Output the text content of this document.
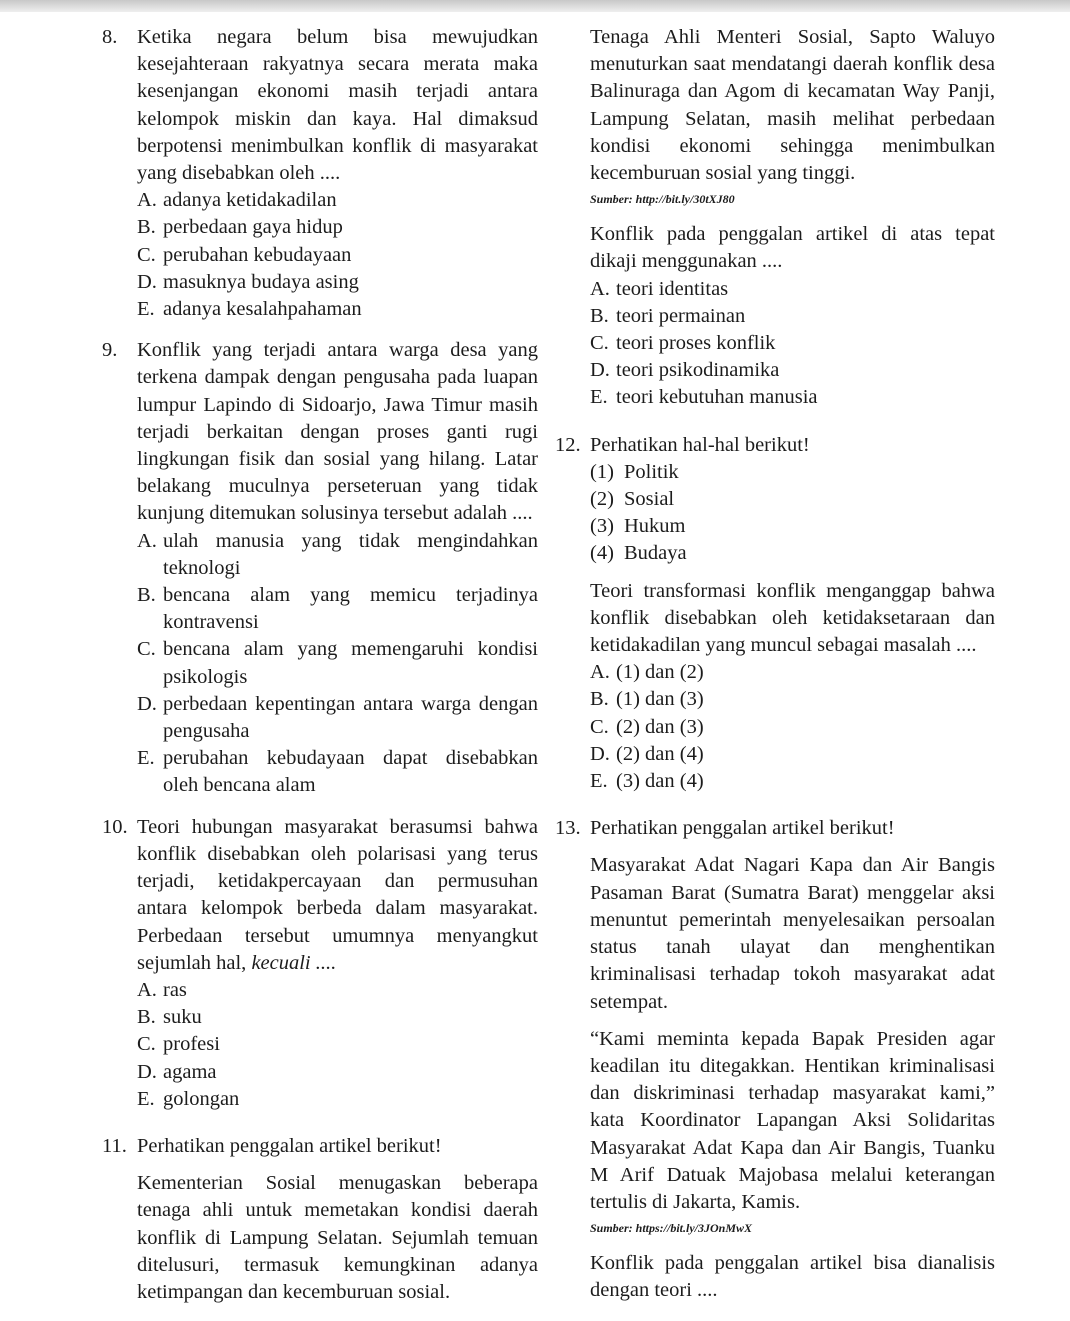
8. Ketika negara belum bisa mewujudkan kesejahteraan rakyatnya secara merata maka kesenjangan ekonomi masih terjadi antara kelompok miskin dan kaya. Hal dimaksud berpotensi menimbulkan konflik di masyarakat yang disebabkan oleh ....
A. adanya ketidakadilan
B. perbedaan gaya hidup
C. perubahan kebudayaan
D. masuknya budaya asing
E. adanya kesalahpahaman
9. Konflik yang terjadi antara warga desa yang terkena dampak dengan pengusaha pada luapan lumpur Lapindo di Sidoarjo, Jawa Timur masih terjadi berkaitan dengan proses ganti rugi lingkungan fisik dan sosial yang hilang. Latar belakang muculnya perseteruan yang tidak kunjung ditemukan solusinya tersebut adalah ....
A. ulah manusia yang tidak mengindahkan teknologi
B. bencana alam yang memicu terjadinya kontravensi
C. bencana alam yang memengaruhi kondisi psikologis
D. perbedaan kepentingan antara warga dengan pengusaha
E. perubahan kebudayaan dapat disebabkan oleh bencana alam
10. Teori hubungan masyarakat berasumsi bahwa konflik disebabkan oleh polarisasi yang terus terjadi, ketidakpercayaan dan permusuhan antara kelompok berbeda dalam masyarakat. Perbedaan tersebut umumnya menyangkut sejumlah hal, kecuali ....
A. ras
B. suku
C. profesi
D. agama
E. golongan
11. Perhatikan penggalan artikel berikut!
Kementerian Sosial menugaskan beberapa tenaga ahli untuk memetakan kondisi daerah konflik di Lampung Selatan. Sejumlah temuan ditelusuri, termasuk kemungkinan adanya ketimpangan dan kecemburuan sosial.
Tenaga Ahli Menteri Sosial, Sapto Waluyo menuturkan saat mendatangi daerah konflik desa Balinuraga dan Agom di kecamatan Way Panji, Lampung Selatan, masih melihat perbedaan kondisi ekonomi sehingga menimbulkan kecemburuan sosial yang tinggi.
Sumber: http://bit.ly/30tXJ80
Konflik pada penggalan artikel di atas tepat dikaji menggunakan ....
A. teori identitas
B. teori permainan
C. teori proses konflik
D. teori psikodinamika
E. teori kebutuhan manusia
12. Perhatikan hal-hal berikut!
(1) Politik
(2) Sosial
(3) Hukum
(4) Budaya
Teori transformasi konflik menganggap bahwa konflik disebabkan oleh ketidaksetaraan dan ketidakadilan yang muncul sebagai masalah ....
A. (1) dan (2)
B. (1) dan (3)
C. (2) dan (3)
D. (2) dan (4)
E. (3) dan (4)
13. Perhatikan penggalan artikel berikut!
Masyarakat Adat Nagari Kapa dan Air Bangis Pasaman Barat (Sumatra Barat) menggelar aksi menuntut pemerintah menyelesaikan persoalan status tanah ulayat dan menghentikan kriminalisasi terhadap tokoh masyarakat adat setempat.
“Kami meminta kepada Bapak Presiden agar keadilan itu ditegakkan. Hentikan kriminalisasi dan diskriminasi terhadap masyarakat kami,” kata Koordinator Lapangan Aksi Solidaritas Masyarakat Adat Kapa dan Air Bangis, Tuanku M Arif Datuak Majobasa melalui keterangan tertulis di Jakarta, Kamis.
Sumber: https://bit.ly/3JOnMwX
Konflik pada penggalan artikel bisa dianalisis dengan teori ....
